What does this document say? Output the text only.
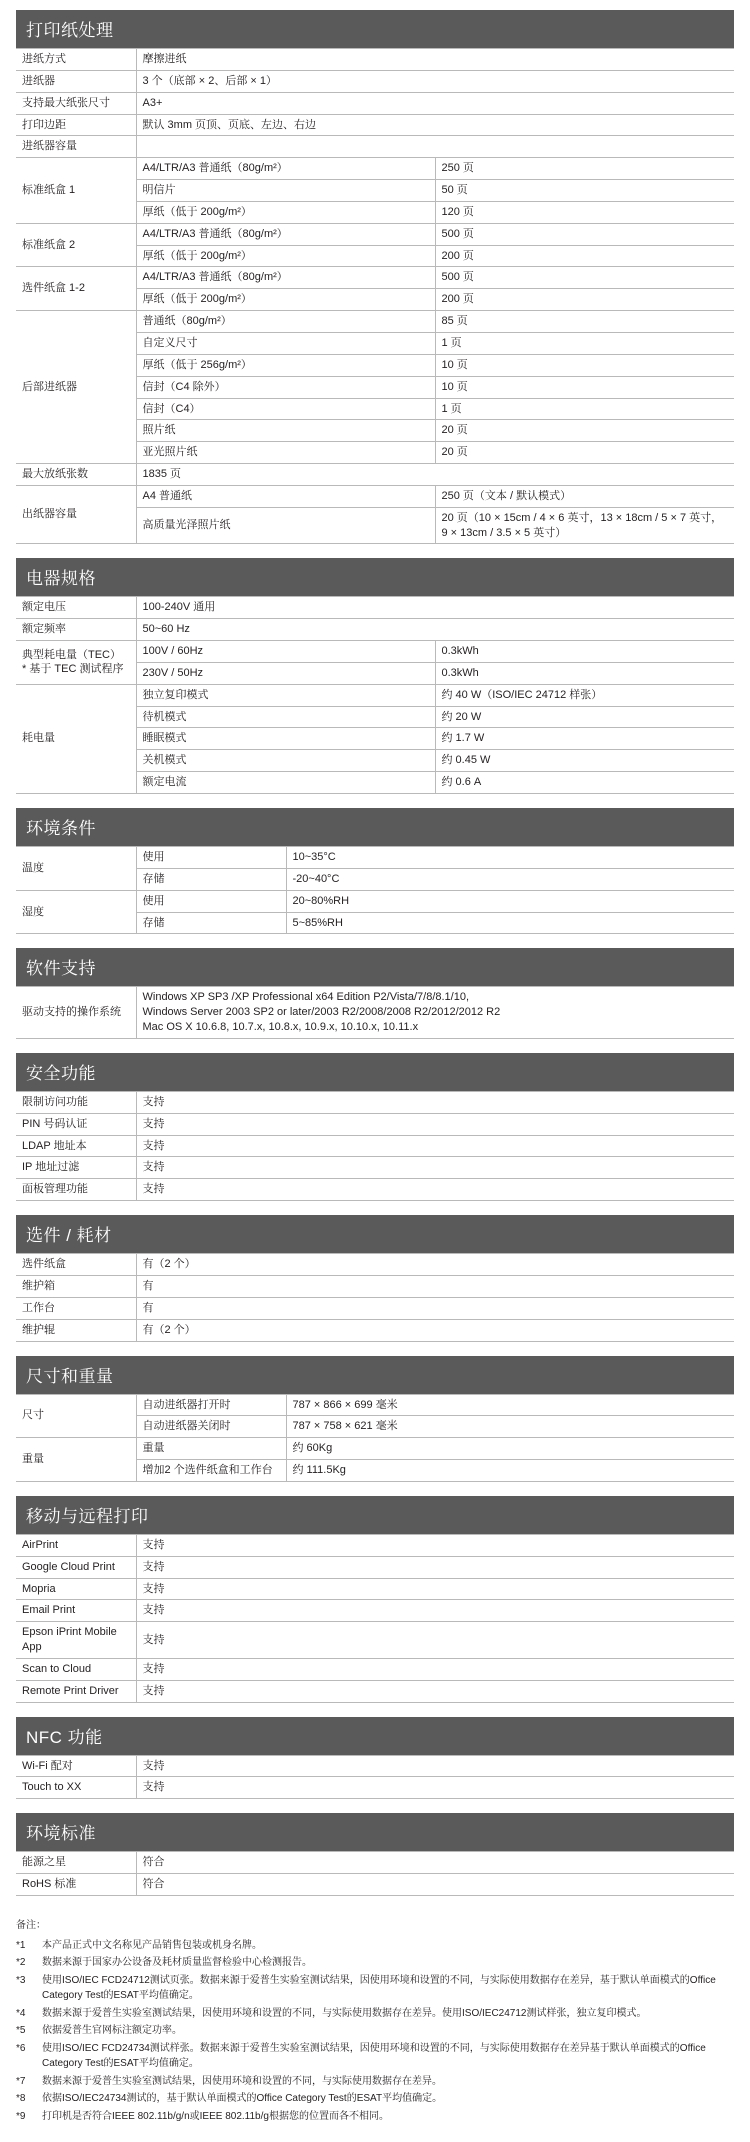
打印纸处理
进纸方式	摩擦进纸	
进纸器	3 个（底部 × 2、后部 × 1）	
支持最大纸张尺寸	A3+	
打印边距	默认 3mm 页顶、页底、左边、右边	
进纸器容量		
标准纸盒 1	A4/LTR/A3 普通纸（80g/m²）	250 页
	明信片	50 页
	厚纸（低于 200g/m²）	120 页
标准纸盒 2	A4/LTR/A3 普通纸（80g/m²）	500 页
	厚纸（低于 200g/m²）	200 页
选件纸盒 1-2	A4/LTR/A3 普通纸（80g/m²）	500 页
	厚纸（低于 200g/m²）	200 页
后部进纸器	普通纸（80g/m²）	85 页
	自定义尺寸	1 页
	厚纸（低于 256g/m²）	10 页
	信封（C4 除外）	10 页
	信封（C4）	1 页
	照片纸	20 页
	亚光照片纸	20 页
最大放纸张数	1835 页	
出纸器容量	A4 普通纸	250 页（文本 / 默认模式）
	高质量光泽照片纸	20 页（10 × 15cm / 4 × 6 英寸，13 × 18cm / 5 × 7 英寸，9 × 13cm / 3.5 × 5 英寸）
电器规格
额定电压	100-240V 通用	
额定频率	50~60 Hz	
典型耗电量（TEC）
* 基于 TEC 测试程序	100V / 60Hz	0.3kWh
	230V / 50Hz	0.3kWh
耗电量	独立复印模式	约 40 W（ISO/IEC 24712 样张）
	待机模式	约 20 W
	睡眠模式	约 1.7 W
	关机模式	约 0.45 W
	额定电流	约 0.6 A
环境条件
温度	使用	10~35°C
	存储	-20~40°C
湿度	使用	20~80%RH
	存储	5~85%RH
软件支持
驱动支持的操作系统	Windows XP SP3 /XP Professional x64 Edition P2/Vista/7/8/8.1/10,
Windows Server 2003 SP2 or later/2003 R2/2008/2008 R2/2012/2012 R2
Mac OS X 10.6.8, 10.7.x, 10.8.x, 10.9.x, 10.10.x, 10.11.x
安全功能
限制访问功能	支持
PIN 号码认证	支持
LDAP 地址本	支持
IP 地址过滤	支持
面板管理功能	支持
选件 / 耗材
选件纸盒	有（2 个）
维护箱	有
工作台	有
维护辊	有（2 个）
尺寸和重量
尺寸	自动进纸器打开时	787 × 866 × 699 毫米
	自动进纸器关闭时	787 × 758 × 621 毫米
重量	重量	约 60Kg
	增加2 个选件纸盒和工作台	约 111.5Kg
移动与远程打印
AirPrint	支持
Google Cloud Print	支持
Mopria	支持
Email Print	支持
Epson iPrint Mobile App	支持
Scan to Cloud	支持
Remote Print Driver	支持
NFC 功能
Wi-Fi 配对	支持
Touch to XX	支持
环境标准
能源之星	符合
RoHS 标准	符合
备注：
*1	本产品正式中文名称见产品销售包装或机身名牌。
*2	数据来源于国家办公设备及耗材质量监督检验中心检测报告。
*3	使用ISO/IEC FCD24712测试页张。数据来源于爱普生实验室测试结果，因使用环境和设置的不同，与实际使用数据存在差异，基于默认单面模式的Office Category Test的ESAT平均值确定。
*4	数据来源于爱普生实验室测试结果，因使用环境和设置的不同，与实际使用数据存在差异。使用ISO/IEC24712测试样张，独立复印模式。
*5	依据爱普生官网标注额定功率。
*6	使用ISO/IEC FCD24734测试样张。数据来源于爱普生实验室测试结果，因使用环境和设置的不同，与实际使用数据存在差异基于默认单面模式的Office Category Test的ESAT平均值确定。
*7	数据来源于爱普生实验室测试结果，因使用环境和设置的不同，与实际使用数据存在差异。
*8	依据ISO/IEC24734测试的，基于默认单面模式的Office Category Test的ESAT平均值确定。
*9	打印机是否符合IEEE 802.11b/g/n或IEEE 802.11b/g根据您的位置而各不相同。
